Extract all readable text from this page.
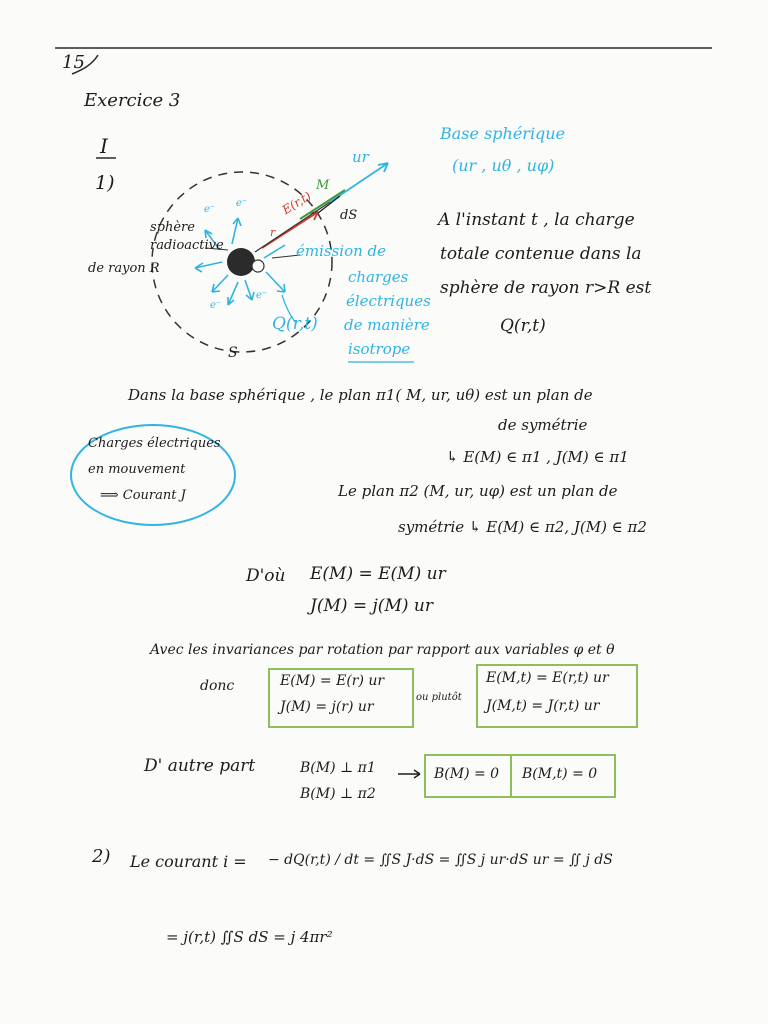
15
Exercice 3
I
1)
sphère
radioactive
de rayon R
S
M
E(r,t)
r
dS
ur
e⁻
e⁻
e⁻
e⁻
Q(r,t)
émission de
charges
électriques
de manière
isotrope
Base sphérique
(ur , uθ , uφ)
A l'instant t , la charge
totale contenue dans la
sphère de rayon r>R est
Q(r,t)
Dans la base sphérique , le plan π1( M, ur, uθ) est un plan de
de symétrie
↳ E(M) ∈ π1 , J(M) ∈ π1
Le plan π2 (M, ur, uφ) est un plan de
symétrie ↳ E(M) ∈ π2, J(M) ∈ π2
Charges électriques
en mouvement
⟹ Courant J
D'où E(M) = E(M) ur
J(M) = j(M) ur
Avec les invariances par rotation par rapport aux variables φ et θ
donc	E(M) = E(r) ur
J(M) = j(r) ur
ou plutôt
E(M,t) = E(r,t) ur
J(M,t) = J(r,t) ur
D' autre part	B(M) ⊥ π1
B(M) ⊥ π2
B(M) = 0 B(M,t) = 0
2) Le courant i = − dQ(r,t) / dt = ∬S J·dS = ∬S j ur·dS ur = ∬ j dS
= j(r,t) ∬S dS = j 4πr²
